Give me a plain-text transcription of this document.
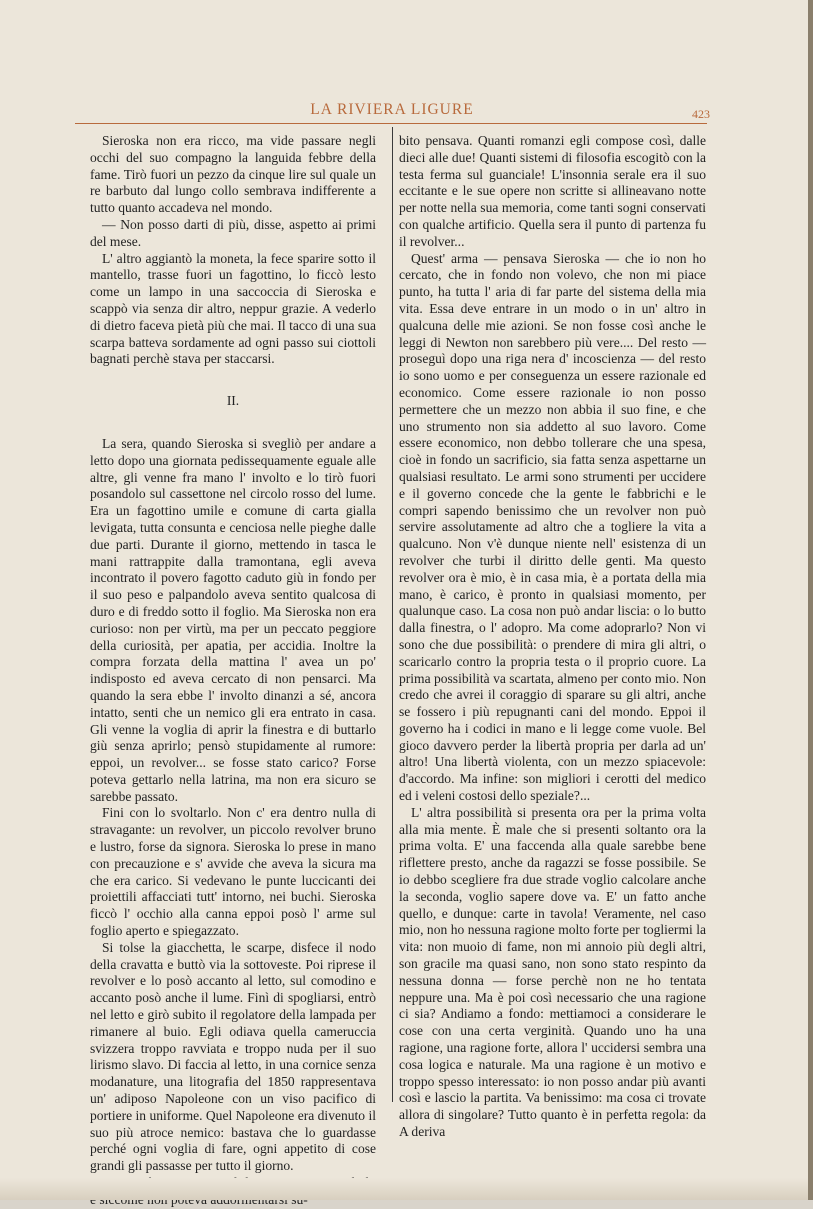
LA RIVIERA LIGURE	423

Sieroska non era ricco, ma vide passare negli occhi del suo compagno la languida febbre della fame. Tirò fuori un pezzo da cinque lire sul quale un re barbuto dal lungo collo sembrava indifferente a tutto quanto accadeva nel mondo.

— Non posso darti di più, disse, aspetto ai primi del mese.

L' altro aggiantò la moneta, la fece sparire sotto il mantello, trasse fuori un fagottino, lo ficcò lesto come un lampo in una saccoccia di Sieroska e scappò via senza dir altro, neppur grazie. A vederlo di dietro faceva pietà più che mai. Il tacco di una sua scarpa batteva sordamente ad ogni passo sui ciottoli bagnati perchè stava per staccarsi.

II.

La sera, quando Sieroska si svegliò per andare a letto dopo una giornata pedissequamente eguale alle altre, gli venne fra mano l' involto e lo tirò fuori posandolo sul cassettone nel circolo rosso del lume. Era un fagottino umile e comune di carta gialla levigata, tutta consunta e cenciosa nelle pieghe dalle due parti. Durante il giorno, mettendo in tasca le mani rattrappite dalla tramontana, egli aveva incontrato il povero fagotto caduto giù in fondo per il suo peso e palpandolo aveva sentito qualcosa di duro e di freddo sotto il foglio. Ma Sieroska non era curioso: non per virtù, ma per un peccato peggiore della curiosità, per apatia, per accidia. Inoltre la compra forzata della mattina l' avea un po' indisposto ed aveva cercato di non pensarci. Ma quando la sera ebbe l' involto dinanzi a sé, ancora intatto, senti che un nemico gli era entrato in casa. Gli venne la voglia di aprir la finestra e di buttarlo giù senza aprirlo; pensò stupidamente al rumore: eppoi, un revolver... se fosse stato carico? Forse poteva gettarlo nella latrina, ma non era sicuro se sarebbe passato.

Fini con lo svoltarlo. Non c' era dentro nulla di stravagante: un revolver, un piccolo revolver bruno e lustro, forse da signora. Sieroska lo prese in mano con precauzione e s' avvide che aveva la sicura ma che era carico. Si vedevano le punte luccicanti dei proiettili affacciati tutt' intorno, nei buchi. Sieroska ficcò l' occhio alla canna eppoi posò l' arme sul foglio aperto e spiegazzato.

Si tolse la giacchetta, le scarpe, disfece il nodo della cravatta e buttò via la sottoveste. Poi riprese il revolver e lo posò accanto al letto, sul comodino e accanto posò anche il lume. Finì di spogliarsi, entrò nel letto e girò subito il regolatore della lampada per rimanere al buio. Egli odiava quella cameruccia svizzera troppo ravviata e troppo nuda per il suo lirismo slavo. Di faccia al letto, in una cornice senza modanature, una litografia del 1850 rappresentava un' adiposo Napoleone con un viso pacifico di portiere in uniforme. Quel Napoleone era divenuto il suo più atroce nemico: bastava che lo guardasse perché ogni voglia di fare, ogni appetito di cose grandi gli passasse per tutto il giorno.

bito pensava. Quanti romanzi egli compose così, dalle dieci alle due! Quanti sistemi di filosofia escogitò con la testa ferma sul guanciale! L'insonnia serale era il suo eccitante e le sue opere non scritte si allineavano notte per notte nella sua memoria, come tanti sogni conservati con qualche artificio. Quella sera il punto di partenza fu il revolver...

Quest' arma — pensava Sieroska — che io non ho cercato, che in fondo non volevo, che non mi piace punto, ha tutta l' aria di far parte del sistema della mia vita. Essa deve entrare in un modo o in un' altro in qualcuna delle mie azioni. Se non fosse così anche le leggi di Newton non sarebbero più vere.... Del resto — proseguì dopo una riga nera d' incoscienza — del resto io sono uomo e per conseguenza un essere razionale ed economico. Come essere razionale io non posso permettere che un mezzo non abbia il suo fine, e che uno strumento non sia addetto al suo lavoro. Come essere economico, non debbo tollerare che una spesa, cioè in fondo un sacrificio, sia fatta senza aspettarne un qualsiasi resultato. Le armi sono strumenti per uccidere e il governo concede che la gente le fabbrichi e le compri sapendo benissimo che un revolver non può servire assolutamente ad altro che a togliere la vita a qualcuno. Non v'è dunque niente nell' esistenza di un revolver che turbi il diritto delle genti. Ma questo revolver ora è mio, è in casa mia, è a portata della mia mano, è carico, è pronto in qualsiasi momento, per qualunque caso. La cosa non può andar liscia: o lo butto dalla finestra, o l' adopro. Ma come adoprarlo? Non vi sono che due possibilità: o prendere di mira gli altri, o scaricarlo contro la propria testa o il proprio cuore. La prima possibilità va scartata, almeno per conto mio. Non credo che avrei il coraggio di sparare su gli altri, anche se fossero i più repugnanti cani del mondo. Eppoi il governo ha i codici in mano e li legge come vuole. Bel gioco davvero perder la libertà propria per darla ad un' altro! Una libertà violenta, con un mezzo spiacevole: d'accordo. Ma infine: son migliori i cerotti del medico ed i veleni costosi dello speziale?...

L' altra possibilità si presenta ora per la prima volta alla mia mente. È male che si presenti soltanto ora la prima volta. E' una faccenda alla quale sarebbe bene riflettere presto, anche da ragazzi se fosse possibile. Se io debbo scegliere fra due strade voglio calcolare anche la seconda, voglio sapere dove va. E' un fatto anche quello, e dunque: carte in tavola! Veramente, nel caso mio, non ho nessuna ragione molto forte per togliermi la vita: non muoio di fame, non mi annoio più degli altri, son gracile ma quasi sano, non sono stato respinto da nessuna donna — forse perchè non ne ho tentata neppure una. Ma è poi così necessario che una ragione ci sia? Andiamo a fondo: mettiamoci a considerare le cose con una certa verginità. Quando uno ha una ragione, una ragione forte, allora l' uccidersi sembra una cosa logica e naturale. Ma una ragione è un motivo e troppo spesso interessato: io non posso andar più avanti così e lascio la partita. Va benissimo: ma cosa ci trovate allora di singolare? Tutto quanto è in perfetta regola: da A deriva
